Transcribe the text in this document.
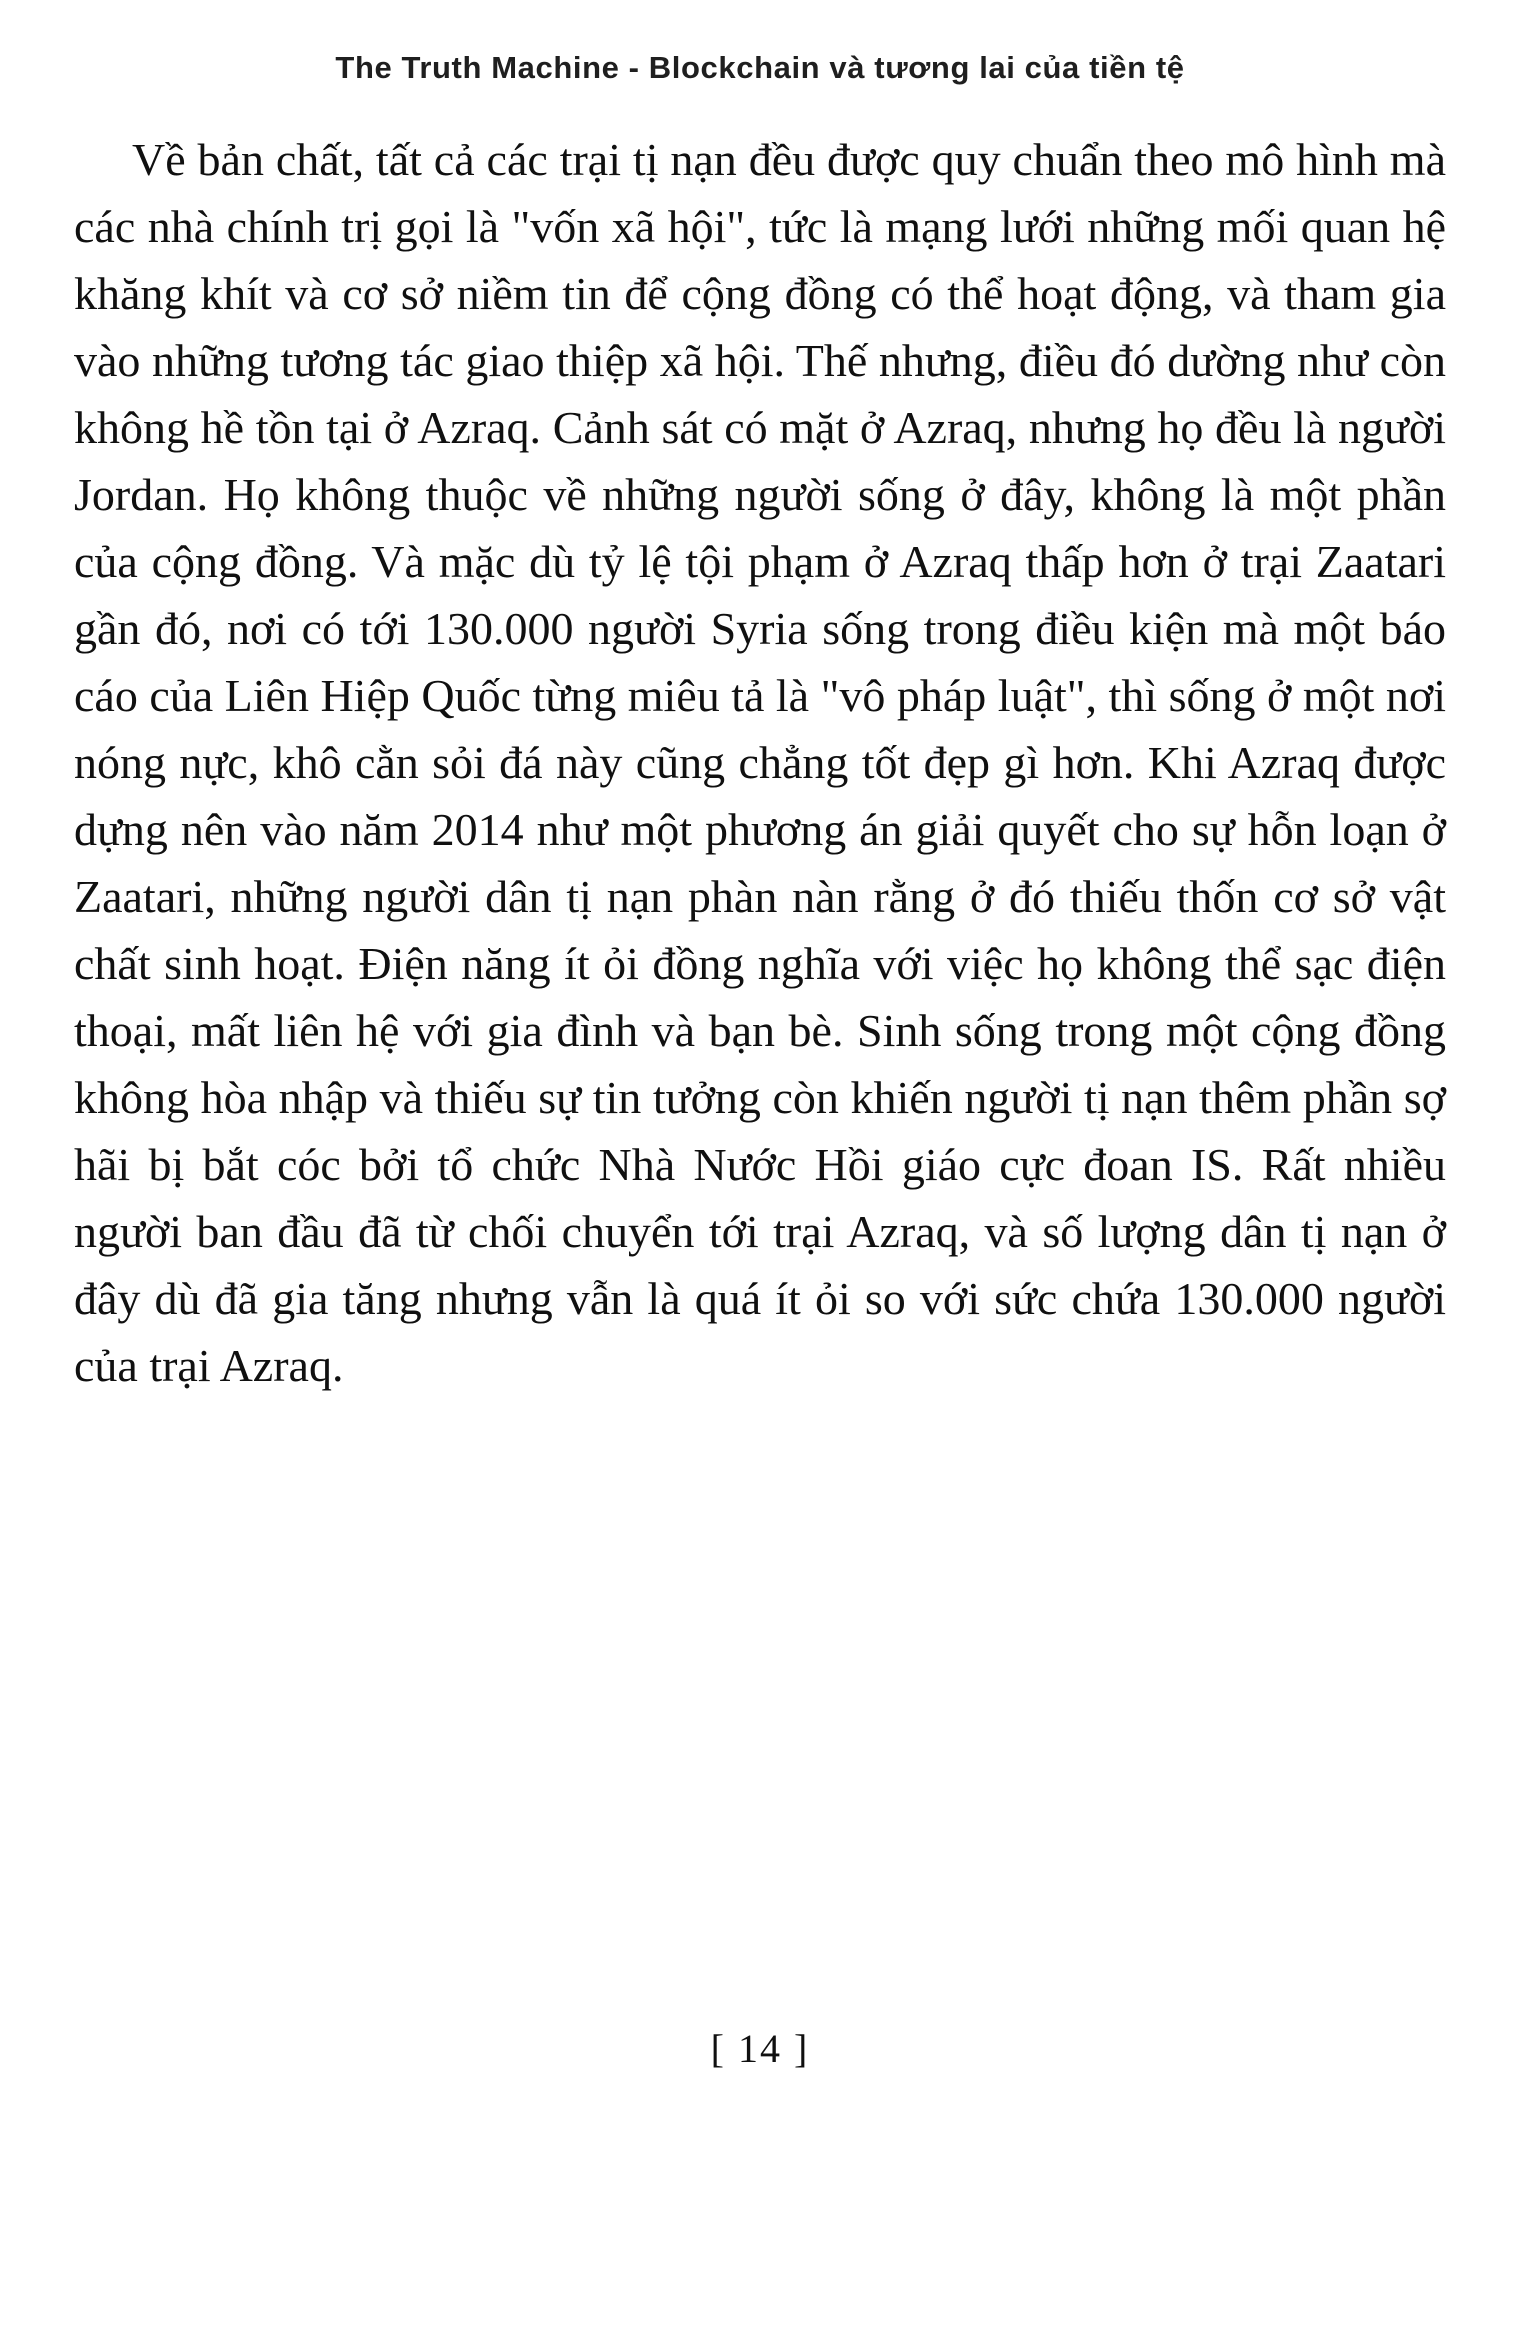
The Truth Machine - Blockchain và tương lai của tiền tệ

Về bản chất, tất cả các trại tị nạn đều được quy chuẩn theo mô hình mà các nhà chính trị gọi là "vốn xã hội", tức là mạng lưới những mối quan hệ khăng khít và cơ sở niềm tin để cộng đồng có thể hoạt động, và tham gia vào những tương tác giao thiệp xã hội. Thế nhưng, điều đó dường như còn không hề tồn tại ở Azraq. Cảnh sát có mặt ở Azraq, nhưng họ đều là người Jordan. Họ không thuộc về những người sống ở đây, không là một phần của cộng đồng. Và mặc dù tỷ lệ tội phạm ở Azraq thấp hơn ở trại Zaatari gần đó, nơi có tới 130.000 người Syria sống trong điều kiện mà một báo cáo của Liên Hiệp Quốc từng miêu tả là "vô pháp luật", thì sống ở một nơi nóng nực, khô cằn sỏi đá này cũng chẳng tốt đẹp gì hơn. Khi Azraq được dựng nên vào năm 2014 như một phương án giải quyết cho sự hỗn loạn ở Zaatari, những người dân tị nạn phàn nàn rằng ở đó thiếu thốn cơ sở vật chất sinh hoạt. Điện năng ít ỏi đồng nghĩa với việc họ không thể sạc điện thoại, mất liên hệ với gia đình và bạn bè. Sinh sống trong một cộng đồng không hòa nhập và thiếu sự tin tưởng còn khiến người tị nạn thêm phần sợ hãi bị bắt cóc bởi tổ chức Nhà Nước Hồi giáo cực đoan IS. Rất nhiều người ban đầu đã từ chối chuyển tới trại Azraq, và số lượng dân tị nạn ở đây dù đã gia tăng nhưng vẫn là quá ít ỏi so với sức chứa 130.000 người của trại Azraq.

[ 14 ]
